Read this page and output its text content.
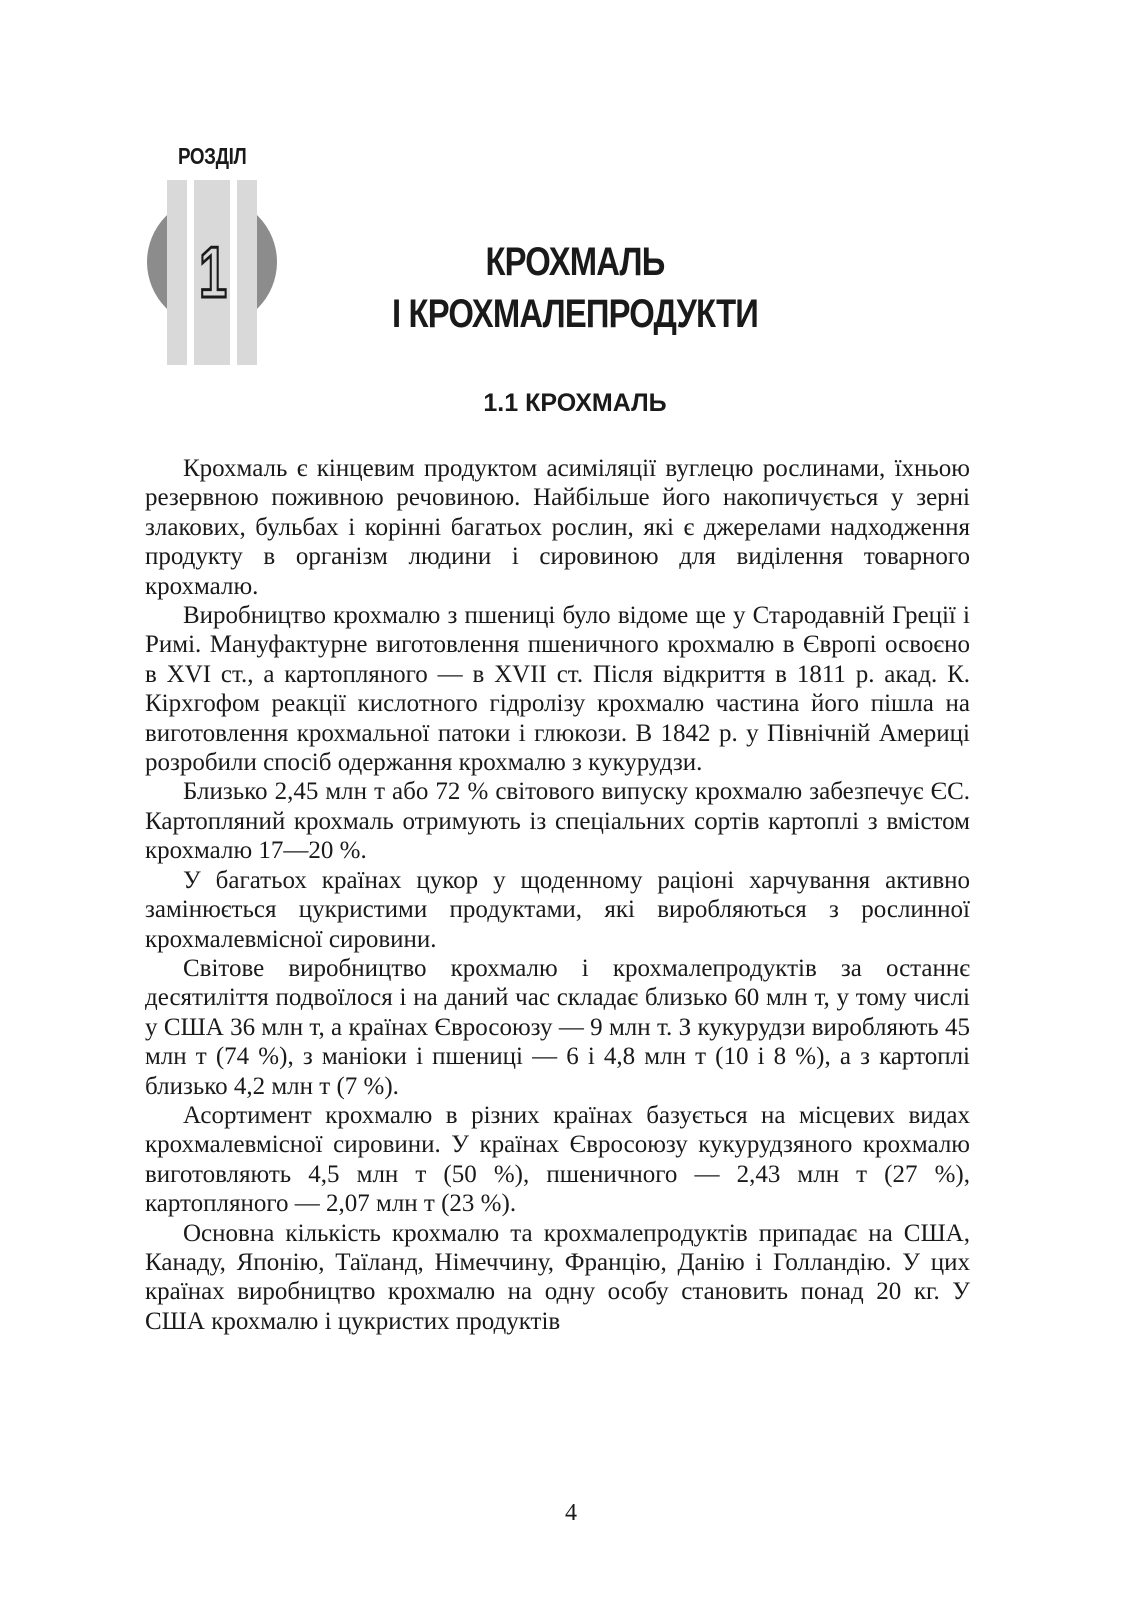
1
РОЗДІЛ
КРОХМАЛЬ
І КРОХМАЛЕПРОДУКТИ
1.1 КРОХМАЛЬ

Крохмаль є кінцевим продуктом асиміляції вуглецю рослинами, їхньою резервною поживною речовиною. Найбільше його накопичується у зерні злакових, бульбах і корінні багатьох рослин, які є джерелами надходження продукту в організм людини і сировиною для виділення товарного крохмалю.

Виробництво крохмалю з пшениці було відоме ще у Стародавній Греції і Римі. Мануфактурне виготовлення пшеничного крохмалю в Європі освоєно в XVI ст., а картопляного — в XVII ст. Після відкриття в 1811 р. акад. К. Кірхгофом реакції кислотного гідролізу крохмалю частина його пішла на виготовлення крохмальної патоки і глюкози. В 1842 р. у Північній Америці розробили спосіб одержання крохмалю з кукурудзи.

Близько 2,45 млн т або 72 % світового випуску крохмалю забезпечує ЄС. Картопляний крохмаль отримують із спеціальних сортів картоплі з вмістом крохмалю 17—20 %.

У багатьох країнах цукор у щоденному раціоні харчування активно замінюється цукристими продуктами, які виробляються з рослинної крохмалевмісної сировини.

Світове виробництво крохмалю і крохмалепродуктів за останнє десятиліття подвоїлося і на даний час складає близько 60 млн т, у тому числі у США 36 млн т, а країнах Євросоюзу — 9 млн т. З кукурудзи виробляють 45 млн т (74 %), з маніоки і пшениці — 6 і 4,8 млн т (10 і 8 %), а з картоплі близько 4,2 млн т (7 %).

Асортимент крохмалю в різних країнах базується на місцевих видах крохмалевмісної сировини. У країнах Євросоюзу кукурудзяного крохмалю виготовляють 4,5 млн т (50 %), пшеничного — 2,43 млн т (27 %), картопляного — 2,07 млн т (23 %).

Основна кількість крохмалю та крохмалепродуктів припадає на США, Канаду, Японію, Таїланд, Німеччину, Францію, Данію і Голландію. У цих країнах виробництво крохмалю на одну особу становить понад 20 кг. У США крохмалю і цукристих продуктів

4
